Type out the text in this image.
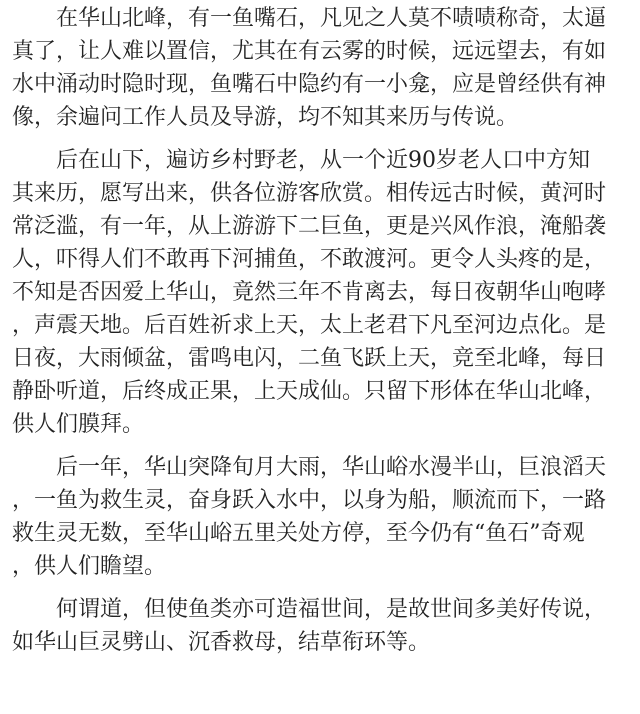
在华山北峰，有一鱼嘴石，凡见之人莫不啧啧称奇，太逼
真了，让人难以置信，尤其在有云雾的时候，远远望去，有如
水中涌动时隐时现，鱼嘴石中隐约有一小龛，应是曾经供有神
像，余遍问工作人员及导游，均不知其来历与传说。
后在山下，遍访乡村野老，从一个近90岁老人口中方知
其来历，愿写出来，供各位游客欣赏。相传远古时候，黄河时
常泛滥，有一年，从上游游下二巨鱼，更是兴风作浪，淹船袭
人，吓得人们不敢再下河捕鱼，不敢渡河。更令人头疼的是，
不知是否因爱上华山，竟然三年不肯离去，每日夜朝华山咆哮
，声震天地。后百姓祈求上天，太上老君下凡至河边点化。是
日夜，大雨倾盆，雷鸣电闪，二鱼飞跃上天，竞至北峰，每日
静卧听道，后终成正果，上天成仙。只留下形体在华山北峰，
供人们膜拜。
后一年，华山突降旬月大雨，华山峪水漫半山，巨浪滔天
，一鱼为救生灵，奋身跃入水中，以身为船，顺流而下，一路
救生灵无数，至华山峪五里关处方停，至今仍有“鱼石”奇观
，供人们瞻望。
何谓道，但使鱼类亦可造福世间，是故世间多美好传说，
如华山巨灵劈山、沉香救母，结草衔环等。
